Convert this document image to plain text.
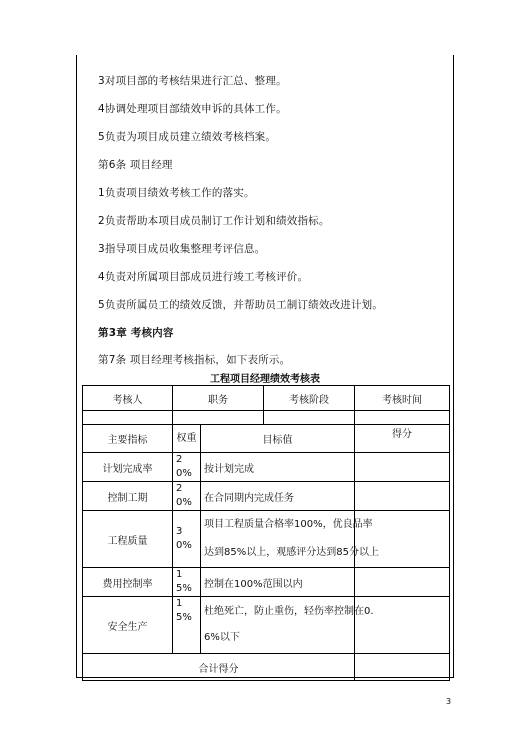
3对项目部的考核结果进行汇总、整理。
4协调处理项目部绩效申诉的具体工作。
5负责为项目成员建立绩效考核档案。
第6条 项目经理
1负责项目绩效考核工作的落实。
2负责帮助本项目成员制订工作计划和绩效指标。
3指导项目成员收集整理考评信息。
4负责对所属项目部成员进行竣工考核评价。
5负责所属员工的绩效反馈，并帮助员工制订绩效改进计划。
第3章 考核内容
第7条 项目经理考核指标，如下表所示。
工程项目经理绩效考核表
考核人	职务		考核阶段	考核时间

主要指标	权重	目标值		得分
计划完成率	20%	按计划完成		

控制工期	20%	在合同期内完成任务		

工程质量	30%	项目工程质量合格率100%，优良品率
达到85%以上，观感评分达到85分以上		

费用控制率	15%	控制在100%范围以内		

安全生产	15%	杜绝死亡，防止重伤，轻伤率控制在0.
6%以下		

合计得分				
3
